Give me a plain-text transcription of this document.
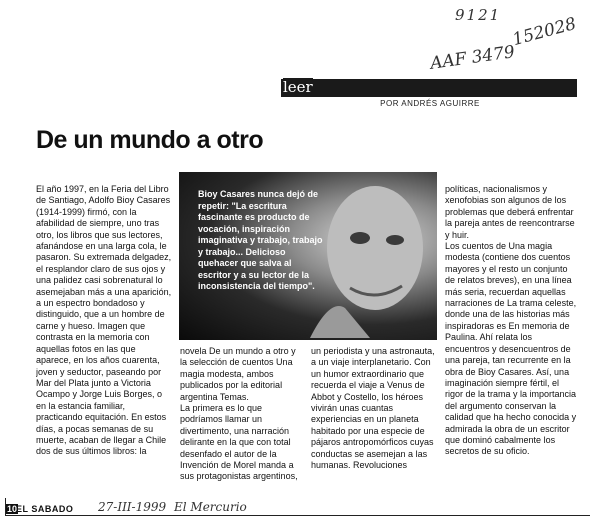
9121
AAF 3479
152028
leer
POR ANDRÉS AGUIRRE
De un mundo a otro
El año 1997, en la Feria del Libro de Santiago, Adolfo Bioy Casares (1914-1999) firmó, con la afabilidad de siempre, uno tras otro, los libros que sus lectores, afanándose en una larga cola, le pasaron. Su extremada delgadez, el resplandor claro de sus ojos y una palidez casi sobrenatural lo asemejaban más a una aparición, a un espectro bondadoso y distinguido, que a un hombre de carne y hueso. Imagen que contrasta en la memoria con aquellas fotos en las que aparece, en los años cuarenta, joven y seductor, paseando por Mar del Plata junto a Victoria Ocampo y Jorge Luis Borges, o en la estancia familiar, practicando equitación. En estos días, a pocas semanas de su muerte, acaban de llegar a Chile dos de sus últimos libros: la
Bioy Casares nunca dejó de repetir: "La escritura fascinante es producto de vocación, inspiración imaginativa y trabajo, trabajo y trabajo... Delicioso quehacer que salva al escritor y a su lector de la inconsistencia del tiempo".
novela De un mundo a otro y la selección de cuentos Una magia modesta, ambos publicados por la editorial argentina Temas.
La primera es lo que podríamos llamar un divertimento, una narración delirante en la que con total desenfado el autor de la Invención de Morel manda a sus protagonistas argentinos,
un periodista y una astronauta, a un viaje interplanetario. Con un humor extraordinario que recuerda el viaje a Venus de Abbot y Costello, los héroes vivirán unas cuantas experiencias en un planeta habitado por una especie de pájaros antropomórficos cuyas conductas se asemejan a las humanas. Revoluciones
políticas, nacionalismos y xenofobias son algunos de los problemas que deberá enfrentar la pareja antes de reencontrarse y huir.
Los cuentos de Una magia modesta (contiene dos cuentos mayores y el resto un conjunto de relatos breves), en una línea más seria, recuerdan aquellas narraciones de La trama celeste, donde una de las historias más inspiradoras es En memoria de Paulina. Ahí relata los encuentros y desencuentros de una pareja, tan recurrente en la obra de Bioy Casares. Así, una imaginación siempre fértil, el rigor de la trama y la importancia del argumento conservan la calidad que ha hecho conocida y admirada la obra de un escritor que dominó cabalmente los secretos de su oficio.
10
EL SABADO 27-III-1999 El Mercurio
